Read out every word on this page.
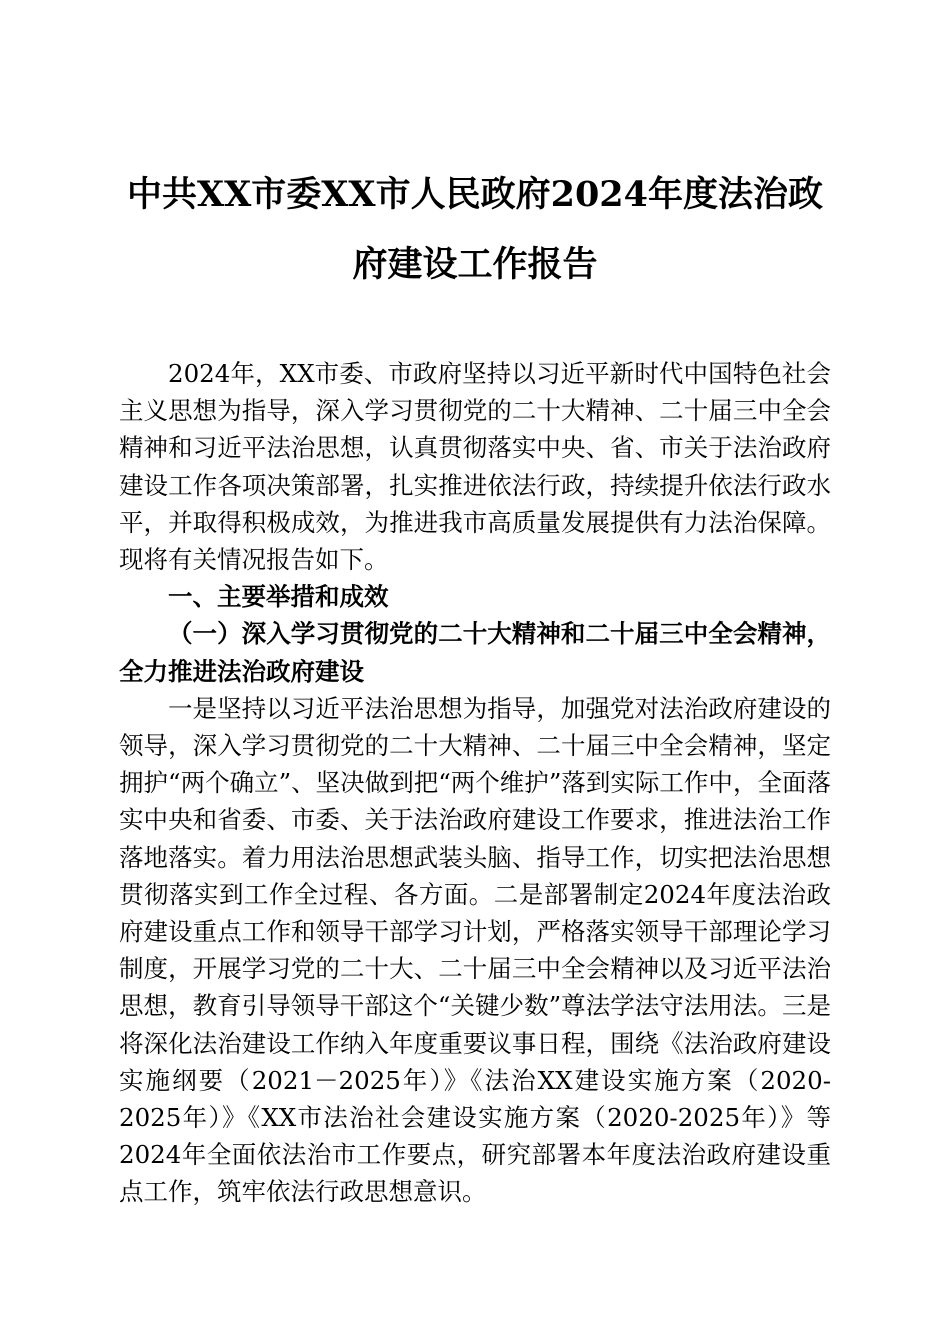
中共XX市委XX市人民政府2024年度法治政
府建设工作报告

2024年，XX市委、市政府坚持以习近平新时代中国特色社会主义思想为指导，深入学习贯彻党的二十大精神、二十届三中全会精神和习近平法治思想，认真贯彻落实中央、省、市关于法治政府建设工作各项决策部署，扎实推进依法行政，持续提升依法行政水平，并取得积极成效，为推进我市高质量发展提供有力法治保障。现将有关情况报告如下。

一、主要举措和成效

（一）深入学习贯彻党的二十大精神和二十届三中全会精神，全力推进法治政府建设

一是坚持以习近平法治思想为指导，加强党对法治政府建设的领导，深入学习贯彻党的二十大精神、二十届三中全会精神，坚定拥护“两个确立”、坚决做到把“两个维护”落到实际工作中，全面落实中央和省委、市委、关于法治政府建设工作要求，推进法治工作落地落实。着力用法治思想武装头脑、指导工作，切实把法治思想贯彻落实到工作全过程、各方面。二是部署制定2024年度法治政府建设重点工作和领导干部学习计划，严格落实领导干部理论学习制度，开展学习党的二十大、二十届三中全会精神以及习近平法治思想，教育引导领导干部这个“关键少数”尊法学法守法用法。三是将深化法治建设工作纳入年度重要议事日程，围绕《法治政府建设实施纲要（2021－2025年）》《法治XX建设实施方案（2020-2025年）》《XX市法治社会建设实施方案（2020-2025年）》等2024年全面依法治市工作要点，研究部署本年度法治政府建设重点工作，筑牢依法行政思想意识。
